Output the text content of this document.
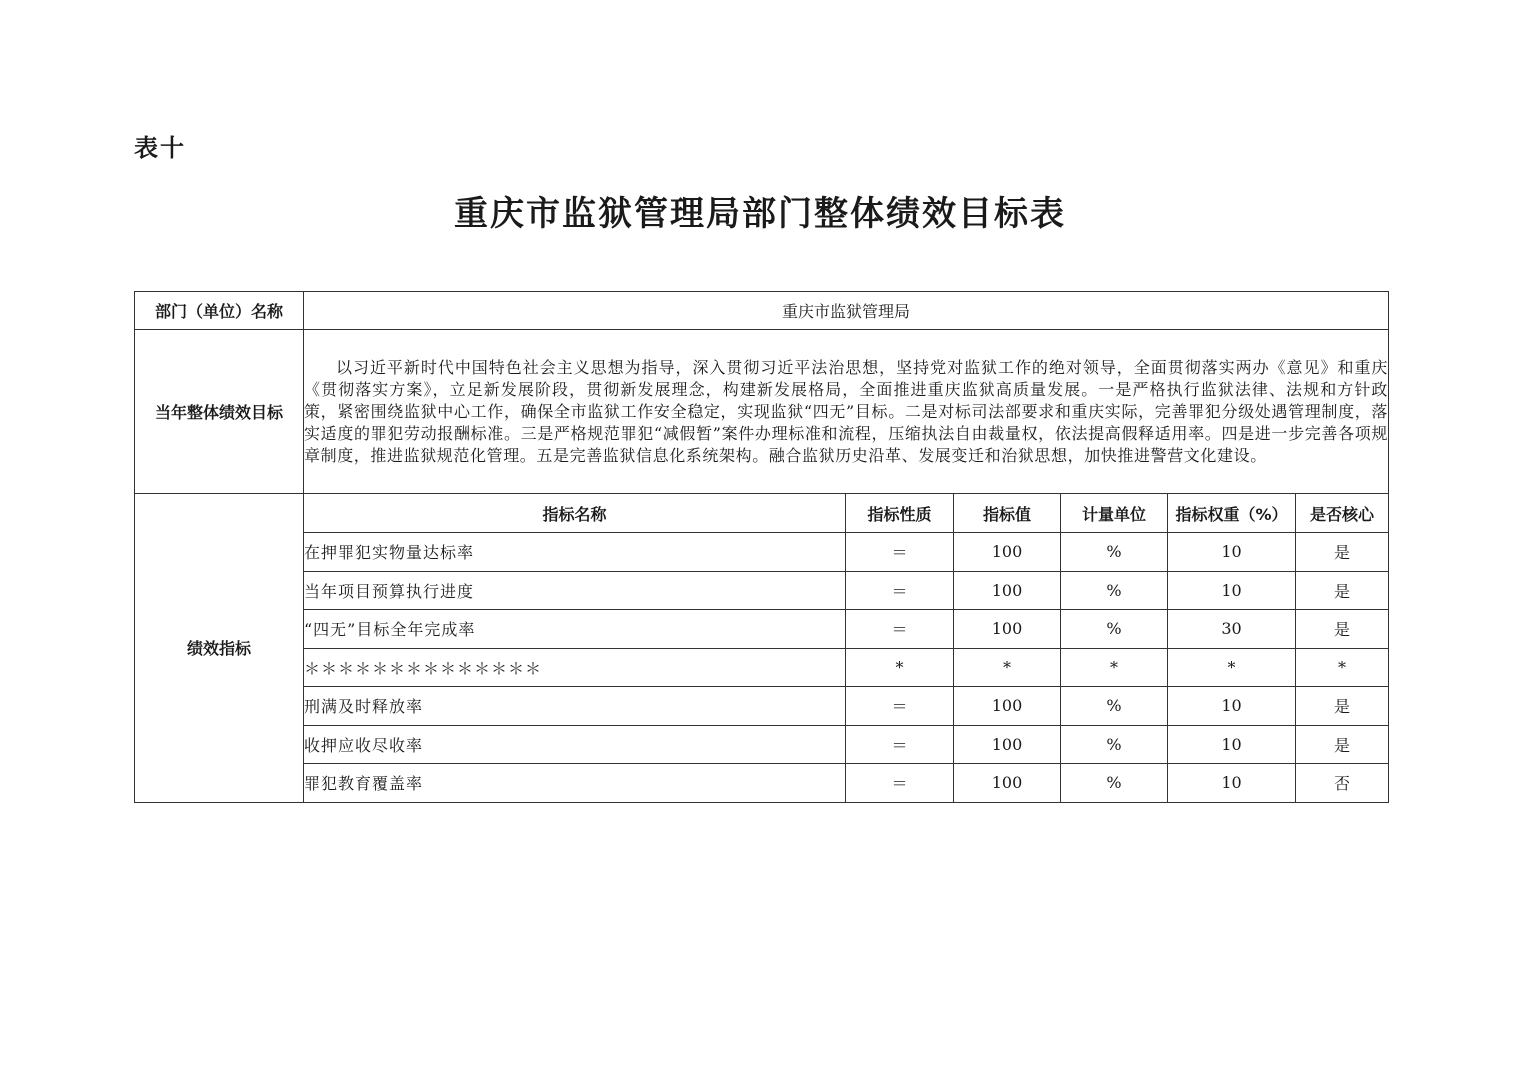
表十
重庆市监狱管理局部门整体绩效目标表
部门（单位）名称	重庆市监狱管理局					
当年整体绩效目标	以习近平新时代中国特色社会主义思想为指导，深入贯彻习近平法治思想，坚持党对监狱工作的绝对领导，全面贯彻落实两办《意见》和重庆《贯彻落实方案》，立足新发展阶段，贯彻新发展理念，构建新发展格局，全面推进重庆监狱高质量发展。一是严格执行监狱法律、法规和方针政策，紧密围绕监狱中心工作，确保全市监狱工作安全稳定，实现监狱“四无”目标。二是对标司法部要求和重庆实际，完善罪犯分级处遇管理制度，落实适度的罪犯劳动报酬标准。三是严格规范罪犯“减假暂”案件办理标准和流程，压缩执法自由裁量权，依法提高假释适用率。四是进一步完善各项规章制度，推进监狱规范化管理。五是完善监狱信息化系统架构。融合监狱历史沿革、发展变迁和治狱思想，加快推进警营文化建设。					
绩效指标	指标名称	指标性质	指标值	计量单位	指标权重（%）	是否核心
	在押罪犯实物量达标率	＝	100	%	10	是
	当年项目预算执行进度	＝	100	%	10	是
	“四无”目标全年完成率	＝	100	%	30	是
	＊＊＊＊＊＊＊＊＊＊＊＊＊＊	*	*	*	*	*
	刑满及时释放率	＝	100	%	10	是
	收押应收尽收率	＝	100	%	10	是
	罪犯教育覆盖率	＝	100	%	10	否
